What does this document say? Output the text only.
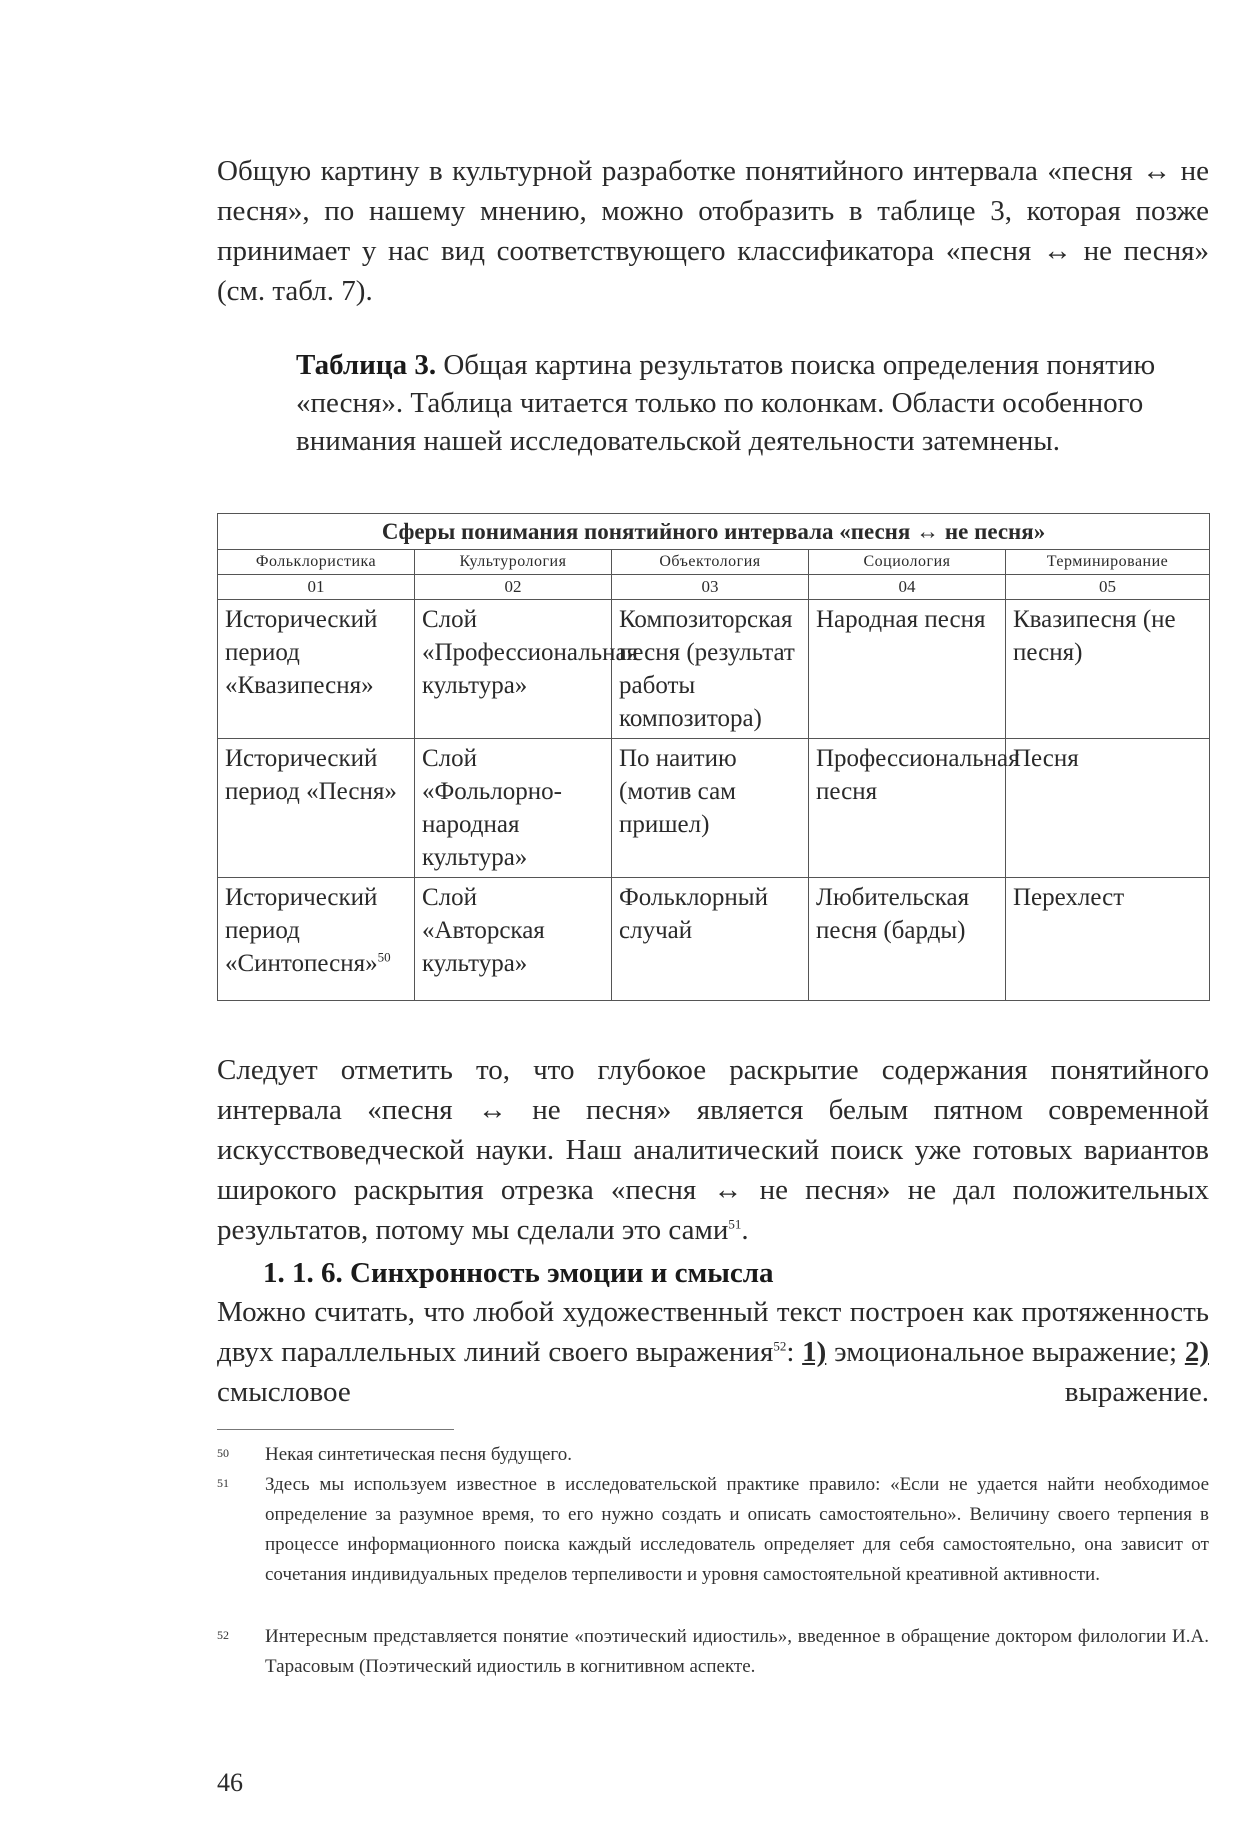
Общую картину в культурной разработке понятийного интервала «песня ↔ не песня», по нашему мнению, можно отобразить в таблице 3, которая позже принимает у нас вид соответствующего классификатора «песня ↔ не песня» (см. табл. 7).
Таблица 3. Общая картина результатов поиска определения понятию «песня». Таблица читается только по колонкам. Области особенного внимания нашей исследовательской деятельности затемнены.
Сферы понимания понятийного интервала «песня ↔ не песня»				
Фольклористика	Культурология	Объектология	Социология	Терминирование
01	02	03	04	05
Исторический период «Квазипесня»	Слой «Профессиональная культура»	Композиторская песня (результат работы композитора)	Народная песня	Квазипесня (не песня)
Исторический период «Песня»	Слой «Фольлорно-народная культура»	По наитию (мотив сам пришел)	Профессиональная песня	Песня
Исторический период «Синтопесня»$^{50}$	Слой «Авторская культура»	Фольклорный случай	Любительская песня (барды)	Перехлест
Следует отметить то, что глубокое раскрытие содержания понятийного интервала «песня ↔ не песня» является белым пятном современной искусствоведческой науки. Наш аналитический поиск уже готовых вариантов широкого раскрытия отрезка «песня ↔ не песня» не дал положительных результатов, потому мы сделали это сами$^{51}$.
1. 1. 6. Синхронность эмоции и смысла
Можно считать, что любой художественный текст построен как протяженность двух параллельных линий своего выражения$^{52}$: 1) эмоциональное выражение; 2) смысловое выражение.
50 Некая синтетическая песня будущего.
51 Здесь мы используем известное в исследовательской практике правило: «Если не удается найти необходимое определение за разумное время, то его нужно создать и описать самостоятельно». Величину своего терпения в процессе информационного поиска каждый исследователь определяет для себя самостоятельно, она зависит от сочетания индивидуальных пределов терпеливости и уровня самостоятельной креативной активности.
52 Интересным представляется понятие «поэтический идиостиль», введенное в обращение доктором филологии И.А. Тарасовым (Поэтический идиостиль в когнитивном аспекте.
46
